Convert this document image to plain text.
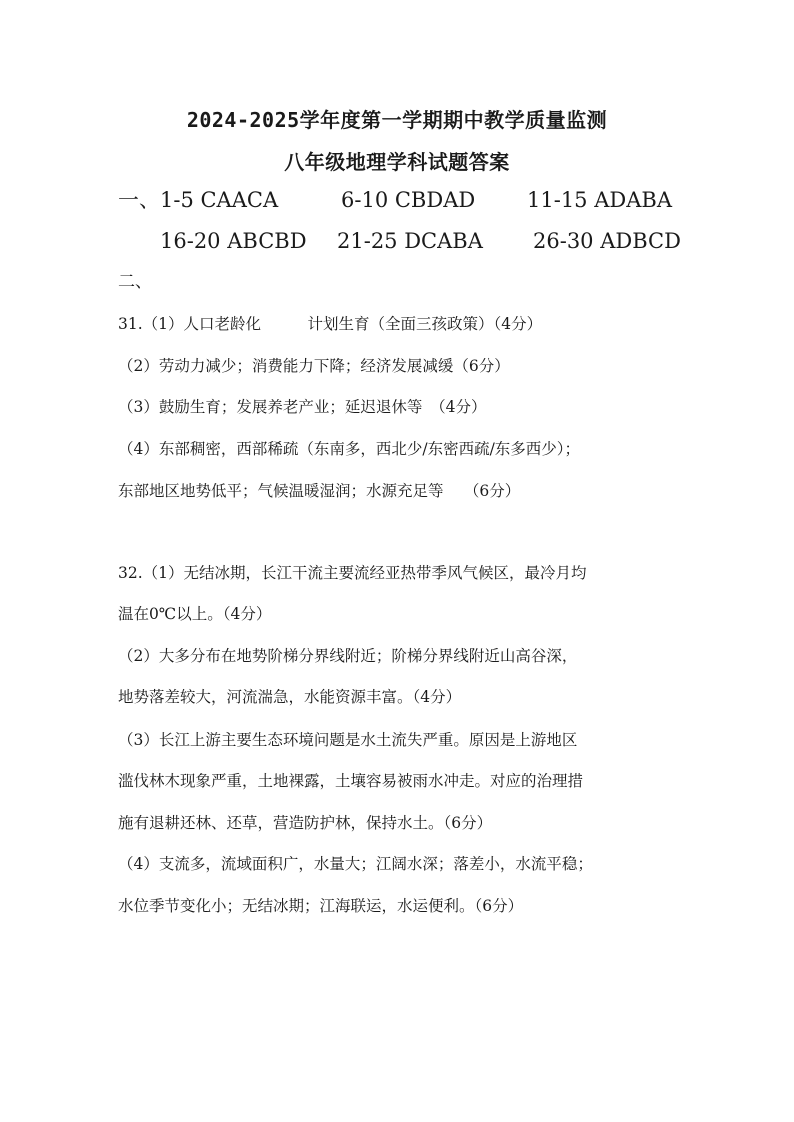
2024-2025学年度第一学期期中教学质量监测
八年级地理学科试题答案
一、1-5 CAACA	6-10 CBDAD 11-15 ADABA
16-20 ABCBD 21-25 DCABA 26-30 ADBCD
二、
31.（1）人口老龄化　　　计划生育（全面三孩政策）（4分）
（2）劳动力减少；消费能力下降；经济发展减缓（6分）
（3）鼓励生育；发展养老产业；延迟退休等　（4分）
（4）东部稠密，西部稀疏（东南多，西北少/东密西疏/东多西少）；
东部地区地势低平；气候温暖湿润；水源充足等　 （6分）
32.（1）无结冰期，长江干流主要流经亚热带季风气候区，最冷月均
温在0℃以上。（4分）
（2）大多分布在地势阶梯分界线附近；阶梯分界线附近山高谷深，
地势落差较大，河流湍急，水能资源丰富。（4分）
（3）长江上游主要生态环境问题是水土流失严重。原因是上游地区
滥伐林木现象严重，土地裸露，土壤容易被雨水冲走。对应的治理措
施有退耕还林、还草，营造防护林，保持水土。（6分）
（4）支流多，流域面积广，水量大；江阔水深；落差小，水流平稳；
水位季节变化小；无结冰期；江海联运，水运便利。（6分）
